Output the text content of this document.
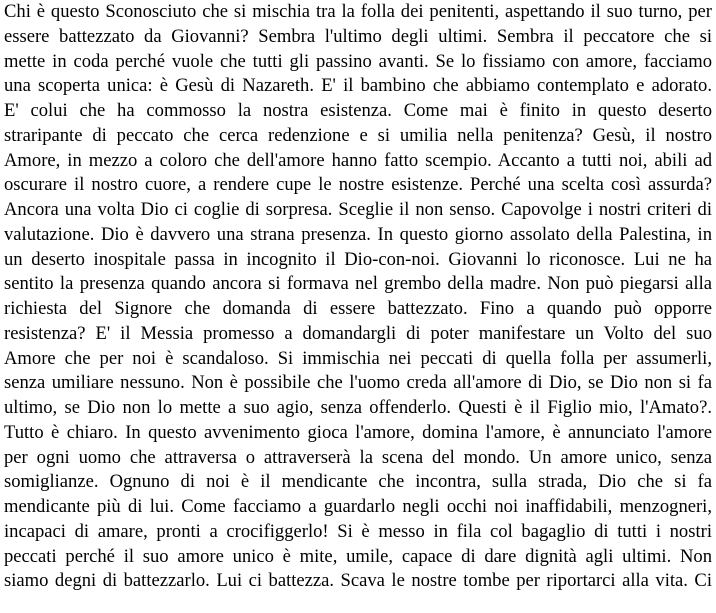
Chi è questo Sconosciuto che si mischia tra la folla dei penitenti, aspettando il suo turno, per
essere battezzato da Giovanni? Sembra l'ultimo degli ultimi. Sembra il peccatore che si
mette in coda perché vuole che tutti gli passino avanti. Se lo fissiamo con amore, facciamo
una scoperta unica: è Gesù di Nazareth. E' il bambino che abbiamo contemplato e adorato.
E' colui che ha commosso la nostra esistenza. Come mai è finito in questo deserto
straripante di peccato che cerca redenzione e si umilia nella penitenza? Gesù, il nostro
Amore, in mezzo a coloro che dell'amore hanno fatto scempio. Accanto a tutti noi, abili ad
oscurare il nostro cuore, a rendere cupe le nostre esistenze. Perché una scelta così assurda?
Ancora una volta Dio ci coglie di sorpresa. Sceglie il non senso. Capovolge i nostri criteri di
valutazione. Dio è davvero una strana presenza. In questo giorno assolato della Palestina, in
un deserto inospitale passa in incognito il Dio-con-noi. Giovanni lo riconosce. Lui ne ha
sentito la presenza quando ancora si formava nel grembo della madre. Non può piegarsi alla
richiesta del Signore che domanda di essere battezzato. Fino a quando può opporre
resistenza? E' il Messia promesso a domandargli di poter manifestare un Volto del suo
Amore che per noi è scandaloso. Si immischia nei peccati di quella folla per assumerli,
senza umiliare nessuno. Non è possibile che l'uomo creda all'amore di Dio, se Dio non si fa
ultimo, se Dio non lo mette a suo agio, senza offenderlo. Questi è il Figlio mio, l'Amato?.
Tutto è chiaro. In questo avvenimento gioca l'amore, domina l'amore, è annunciato l'amore
per ogni uomo che attraversa o attraverserà la scena del mondo. Un amore unico, senza
somiglianze. Ognuno di noi è il mendicante che incontra, sulla strada, Dio che si fa
mendicante più di lui. Come facciamo a guardarlo negli occhi noi inaffidabili, menzogneri,
incapaci di amare, pronti a crocifiggerlo! Si è messo in fila col bagaglio di tutti i nostri
peccati perché il suo amore unico è mite, umile, capace di dare dignità agli ultimi. Non
siamo degni di battezzarlo. Lui ci battezza. Scava le nostre tombe per riportarci alla vita. Ci
